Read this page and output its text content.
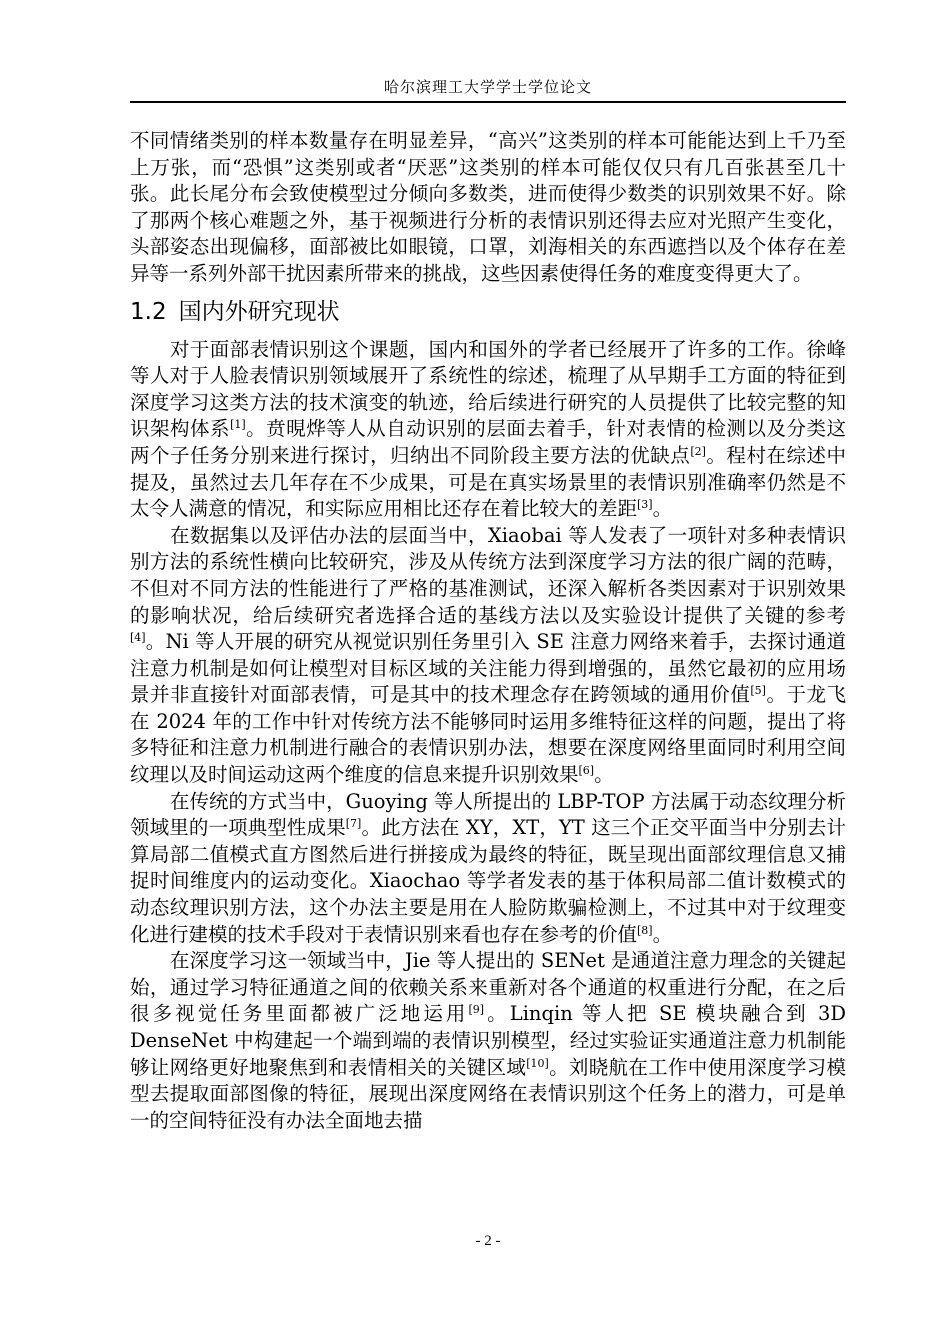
哈尔滨理工大学学士学位论文

不同情绪类别的样本数量存在明显差异，“高兴”这类别的样本可能能达到上千乃至上万张，而“恐惧”这类别或者“厌恶”这类别的样本可能仅仅只有几百张甚至几十张。此长尾分布会致使模型过分倾向多数类，进而使得少数类的识别效果不好。除了那两个核心难题之外，基于视频进行分析的表情识别还得去应对光照产生变化，头部姿态出现偏移，面部被比如眼镜，口罩，刘海相关的东西遮挡以及个体存在差异等一系列外部干扰因素所带来的挑战，这些因素使得任务的难度变得更大了。

1.2 国内外研究现状

对于面部表情识别这个课题，国内和国外的学者已经展开了许多的工作。徐峰等人对于人脸表情识别领域展开了系统性的综述，梳理了从早期手工方面的特征到深度学习这类方法的技术演变的轨迹，给后续进行研究的人员提供了比较完整的知识架构体系[1]。贲晛烨等人从自动识别的层面去着手，针对表情的检测以及分类这两个子任务分别来进行探讨，归纳出不同阶段主要方法的优缺点[2]。程村在综述中提及，虽然过去几年存在不少成果，可是在真实场景里的表情识别准确率仍然是不太令人满意的情况，和实际应用相比还存在着比较大的差距[3]。

在数据集以及评估办法的层面当中，Xiaobai 等人发表了一项针对多种表情识别方法的系统性横向比较研究，涉及从传统方法到深度学习方法的很广阔的范畴，不但对不同方法的性能进行了严格的基准测试，还深入解析各类因素对于识别效果的影响状况，给后续研究者选择合适的基线方法以及实验设计提供了关键的参考[4]。Ni 等人开展的研究从视觉识别任务里引入 SE 注意力网络来着手，去探讨通道注意力机制是如何让模型对目标区域的关注能力得到增强的，虽然它最初的应用场景并非直接针对面部表情，可是其中的技术理念存在跨领域的通用价值[5]。于龙飞在 2024 年的工作中针对传统方法不能够同时运用多维特征这样的问题，提出了将多特征和注意力机制进行融合的表情识别办法，想要在深度网络里面同时利用空间纹理以及时间运动这两个维度的信息来提升识别效果[6]。

在传统的方式当中，Guoying 等人所提出的 LBP-TOP 方法属于动态纹理分析领域里的一项典型性成果[7]。此方法在 XY，XT，YT 这三个正交平面当中分别去计算局部二值模式直方图然后进行拼接成为最终的特征，既呈现出面部纹理信息又捕捉时间维度内的运动变化。Xiaochao 等学者发表的基于体积局部二值计数模式的动态纹理识别方法，这个办法主要是用在人脸防欺骗检测上，不过其中对于纹理变化进行建模的技术手段对于表情识别来看也存在参考的价值[8]。

在深度学习这一领域当中，Jie 等人提出的 SENet 是通道注意力理念的关键起始，通过学习特征通道之间的依赖关系来重新对各个通道的权重进行分配，在之后很多视觉任务里面都被广泛地运用[9]。Linqin 等人把 SE 模块融合到 3D DenseNet 中构建起一个端到端的表情识别模型，经过实验证实通道注意力机制能够让网络更好地聚焦到和表情相关的关键区域[10]。刘晓航在工作中使用深度学习模型去提取面部图像的特征，展现出深度网络在表情识别这个任务上的潜力，可是单一的空间特征没有办法全面地去描

- 2 -
